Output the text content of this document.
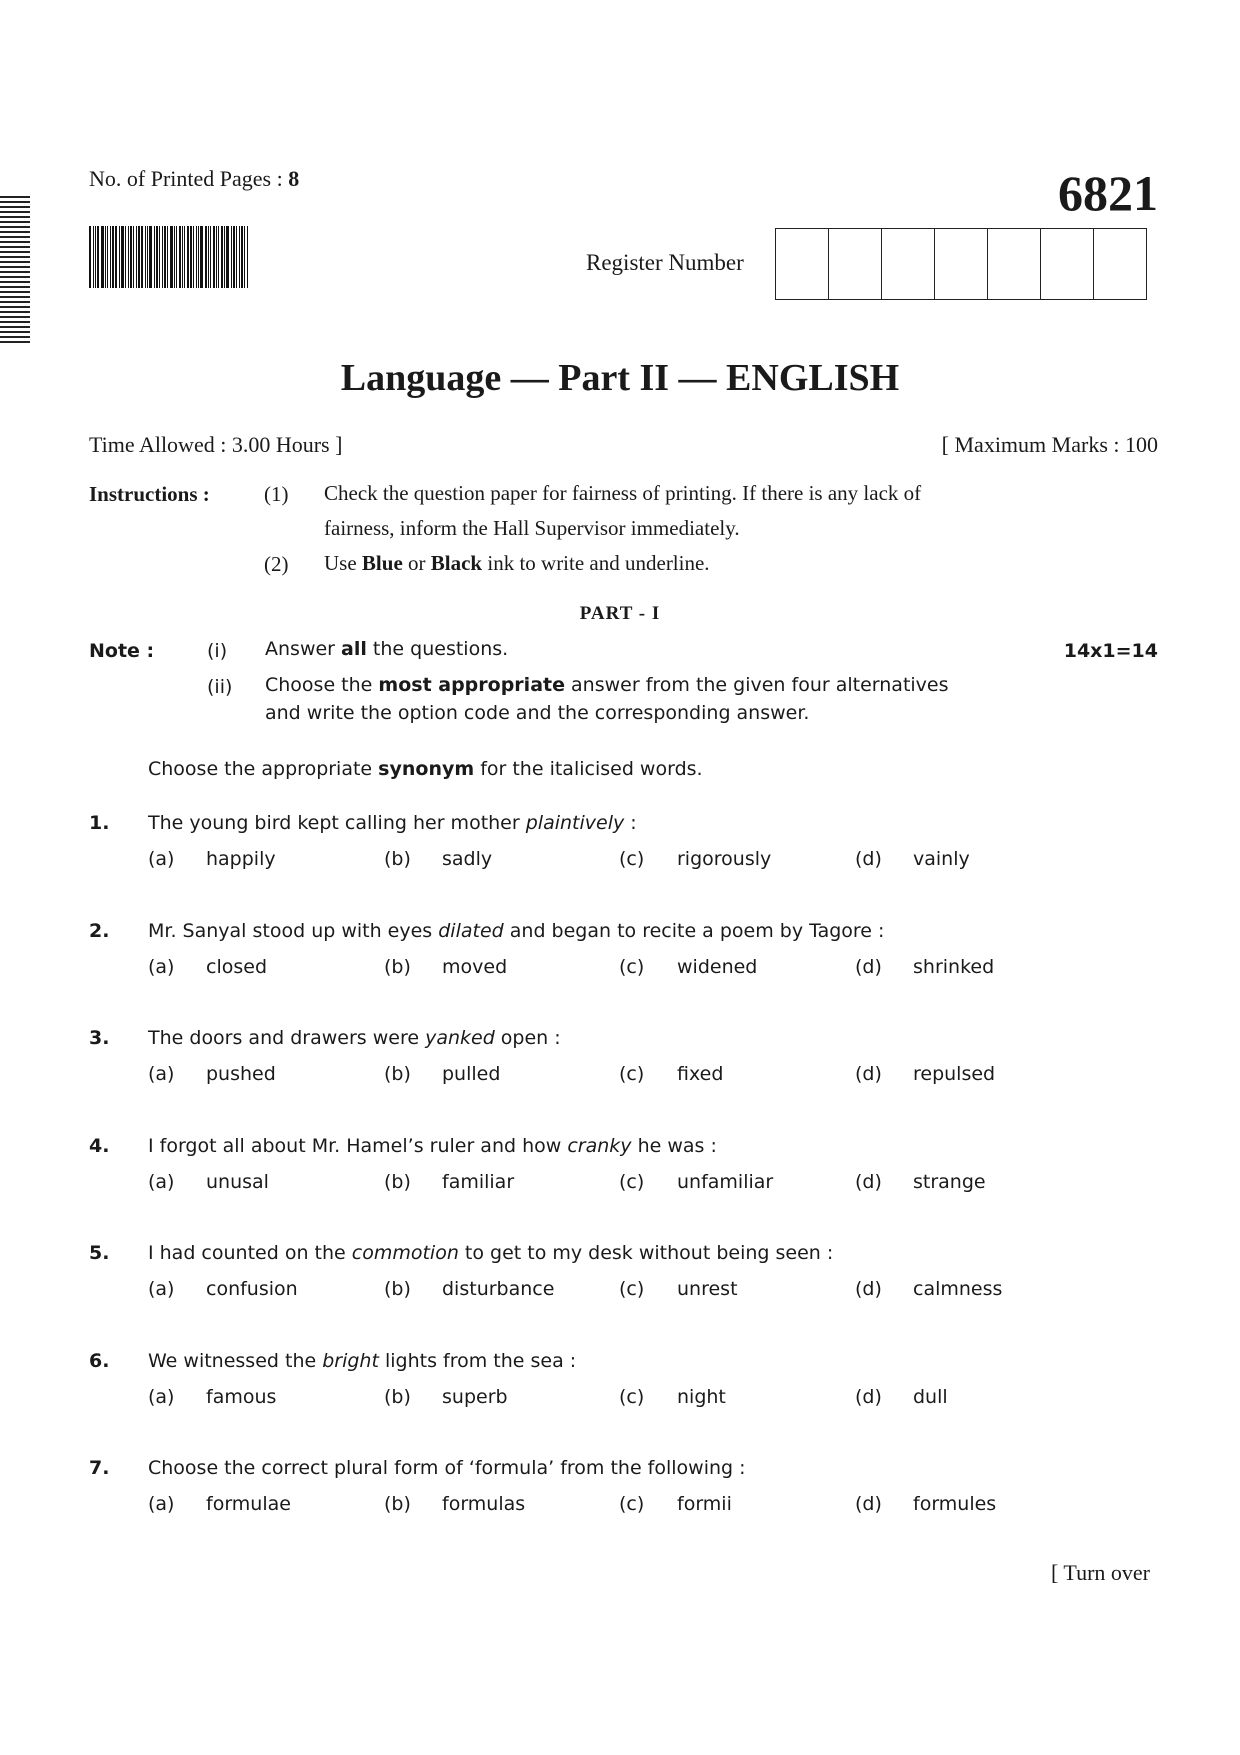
No. of Printed Pages : 8	6821
Register Number
Language — Part II — ENGLISH
Time Allowed : 3.00 Hours ]	[ Maximum Marks : 100
Instructions :	(1) Check the question paper for fairness of printing. If there is any lack of
fairness, inform the Hall Supervisor immediately.
(2) Use Blue or Black ink to write and underline.
PART - I
Note :	(i) Answer all the questions.	14x1=14
(ii) Choose the most appropriate answer from the given four alternatives
and write the option code and the corresponding answer.
Choose the appropriate synonym for the italicised words.
1. The young bird kept calling her mother plaintively :
(a) happily	(b) sadly	(c) rigorously	(d) vainly
2. Mr. Sanyal stood up with eyes dilated and began to recite a poem by Tagore :
(a) closed	(b) moved	(c) widened	(d) shrinked
3. The doors and drawers were yanked open :
(a) pushed	(b) pulled	(c) fixed	(d) repulsed
4. I forgot all about Mr. Hamel’s ruler and how cranky he was :
(a) unusal	(b) familiar	(c) unfamiliar	(d) strange
5. I had counted on the commotion to get to my desk without being seen :
(a) confusion	(b) disturbance	(c) unrest	(d) calmness
6. We witnessed the bright lights from the sea :
(a) famous	(b) superb	(c) night	(d) dull
7. Choose the correct plural form of ‘formula’ from the following :
(a) formulae	(b) formulas	(c) formii	(d) formules
[ Turn over
